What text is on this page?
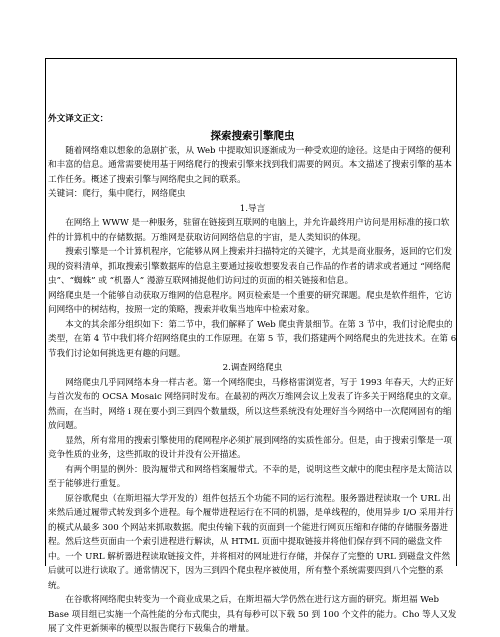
外文译文正文：

探索搜索引擎爬虫

随着网络难以想象的急剧扩张，从 Web 中提取知识逐渐成为一种受欢迎的途径。这是由于网络的便利和丰富的信息。通常需要使用基于网络爬行的搜索引擎来找到我们需要的网页。本文描述了搜索引擎的基本工作任务。概述了搜索引擎与网络爬虫之间的联系。

关键词：爬行，集中爬行，网络爬虫

1.导言

在网络上 WWW 是一种服务，驻留在链接到互联网的电脑上，并允许最终用户访问是用标准的接口软件的计算机中的存储数据。万维网是获取访问网络信息的宇宙，是人类知识的体现。

搜索引擎是一个计算机程序，它能够从网上搜索并扫描特定的关键字，尤其是商业服务，返回的它们发现的资料清单，抓取搜索引擎数据库的信息主要通过接收想要发表自己作品的作者的请求或者通过 “网络爬虫”、“蜘蛛” 或 “机器人” 漫游互联网捕捉他们访问过的页面的相关链接和信息。

网络爬虫是一个能够自动获取万维网的信息程序。网页检索是一个重要的研究课题。爬虫是软件组件，它访问网络中的树结构，按照一定的策略，搜索并收集当地库中检索对象。

本文的其余部分组织如下：第二节中，我们解释了 Web 爬虫背景细节。在第 3 节中，我们讨论爬虫的类型，在第 4 节中我们将介绍网络爬虫的工作原理。在第 5 节，我们搭建两个网络爬虫的先进技术。在第 6 节我们讨论如何挑选更有趣的问题。

2.调查网络爬虫

网络爬虫几乎同网络本身一样古老。第一个网络爬虫，马修格雷浏览者，写于 1993 年春天，大约正好与首次发布的 OCSA Mosaic 网络同时发布。在最初的两次万维网会议上发表了许多关于网络爬虫的文章。然而，在当时，网络 i 现在要小到三到四个数量级，所以这些系统没有处理好当今网络中一次爬网固有的缩放问题。

显然，所有常用的搜索引擎使用的爬网程序必须扩展到网络的实质性部分。但是，由于搜索引擎是一项竞争性质的业务，这些抓取的设计并没有公开描述。

有两个明显的例外：股沟履带式和网络档案履带式。不幸的是，说明这些文献中的爬虫程序是太简洁以至于能够进行重复。

原谷歌爬虫（在斯坦福大学开发的）组件包括五个功能不同的运行流程。服务器进程读取一个 URL 出来然后通过履带式转发到多个进程。每个履带进程运行在不同的机器，是单线程的，使用异步 I/O 采用并行的模式从最多 300 个网站来抓取数据。爬虫传输下载的页面到一个能进行网页压缩和存储的存储服务器进程。然后这些页面由一个索引进程进行解读，从 HTML 页面中提取链接并将他们保存到不同的磁盘文件中。一个 URL 解析器进程读取链接文件，并将相对的网址进行存储，并保存了完整的 URL 到磁盘文件然后就可以进行读取了。通常情况下，因为三到四个爬虫程序被使用，所有整个系统需要四到八个完整的系统。

在谷歌将网络爬虫转变为一个商业成果之后，在斯坦福大学仍然在进行这方面的研究。斯坦福 Web Base 项目组已实施一个高性能的分布式爬虫，具有每秒可以下载 50 到 100 个文件的能力。Cho 等人又发展了文件更新频率的模型以报告爬行下载集合的增量。
